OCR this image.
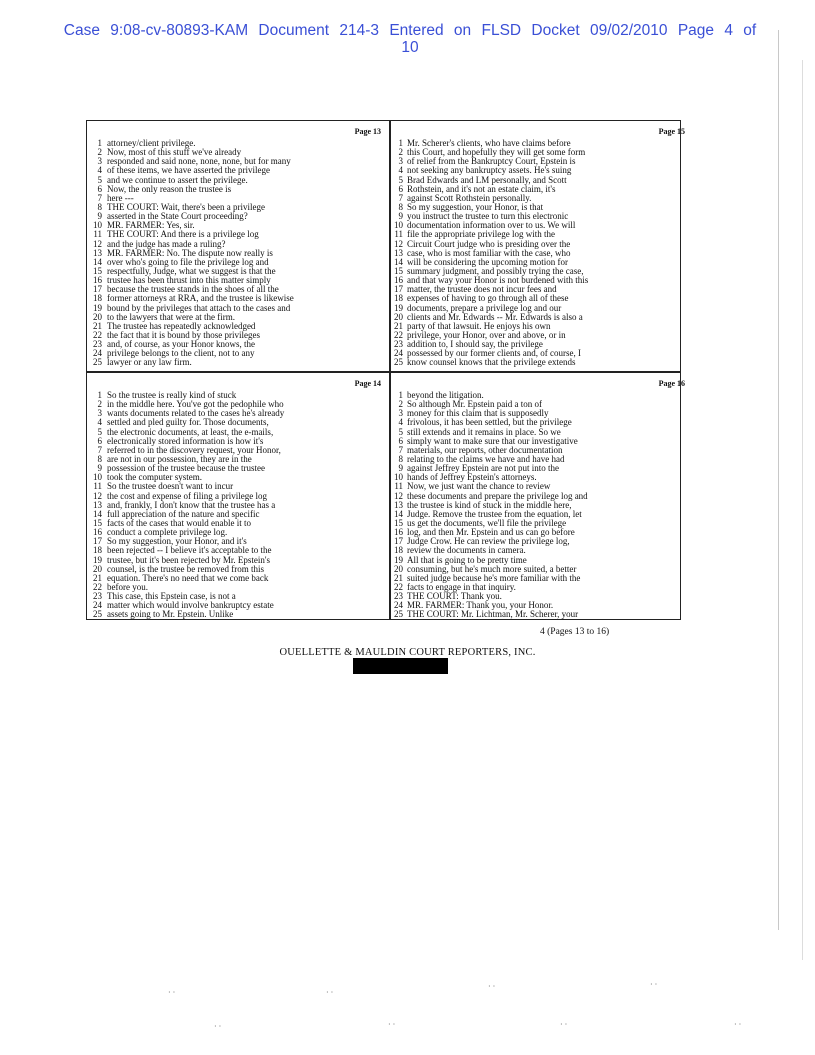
Case 9:08-cv-80893-KAM Document 214-3 Entered on FLSD Docket 09/02/2010 Page 4 of
10
Page 13
1 attorney/client privilege.
2 Now, most of this stuff we've already
3 responded and said none, none, none, but for many
4 of these items, we have asserted the privilege
5 and we continue to assert the privilege.
6 Now, the only reason the trustee is
7 here ---
8 THE COURT: Wait, there's been a privilege
9 asserted in the State Court proceeding?
10 MR. FARMER: Yes, sir.
11 THE COURT: And there is a privilege log
12 and the judge has made a ruling?
13 MR. FARMER: No. The dispute now really is
14 over who's going to file the privilege log and
15 respectfully, Judge, what we suggest is that the
16 trustee has been thrust into this matter simply
17 because the trustee stands in the shoes of all the
18 former attorneys at RRA, and the trustee is likewise
19 bound by the privileges that attach to the cases and
20 to the lawyers that were at the firm.
21 The trustee has repeatedly acknowledged
22 the fact that it is bound by those privileges
23 and, of course, as your Honor knows, the
24 privilege belongs to the client, not to any
25 lawyer or any law firm.
Page 15
1 Mr. Scherer's clients, who have claims before
2 this Court, and hopefully they will get some form
3 of relief from the Bankruptcy Court, Epstein is
4 not seeking any bankruptcy assets. He's suing
5 Brad Edwards and LM personally, and Scott
6 Rothstein, and it's not an estate claim, it's
7 against Scott Rothstein personally.
8 So my suggestion, your Honor, is that
9 you instruct the trustee to turn this electronic
10 documentation information over to us. We will
11 file the appropriate privilege log with the
12 Circuit Court judge who is presiding over the
13 case, who is most familiar with the case, who
14 will be considering the upcoming motion for
15 summary judgment, and possibly trying the case,
16 and that way your Honor is not burdened with this
17 matter, the trustee does not incur fees and
18 expenses of having to go through all of these
19 documents, prepare a privilege log and our
20 clients and Mr. Edwards -- Mr. Edwards is also a
21 party of that lawsuit. He enjoys his own
22 privilege, your Honor, over and above, or in
23 addition to, I should say, the privilege
24 possessed by our former clients and, of course, I
25 know counsel knows that the privilege extends
Page 14
1 So the trustee is really kind of stuck
2 in the middle here. You've got the pedophile who
3 wants documents related to the cases he's already
4 settled and pled guilty for. Those documents,
5 the electronic documents, at least, the e-mails,
6 electronically stored information is how it's
7 referred to in the discovery request, your Honor,
8 are not in our possession, they are in the
9 possession of the trustee because the trustee
10 took the computer system.
11 So the trustee doesn't want to incur
12 the cost and expense of filing a privilege log
13 and, frankly, I don't know that the trustee has a
14 full appreciation of the nature and specific
15 facts of the cases that would enable it to
16 conduct a complete privilege log.
17 So my suggestion, your Honor, and it's
18 been rejected -- I believe it's acceptable to the
19 trustee, but it's been rejected by Mr. Epstein's
20 counsel, is the trustee be removed from this
21 equation. There's no need that we come back
22 before you.
23 This case, this Epstein case, is not a
24 matter which would involve bankruptcy estate
25 assets going to Mr. Epstein. Unlike
Page 16
1 beyond the litigation.
2 So although Mr. Epstein paid a ton of
3 money for this claim that is supposedly
4 frivolous, it has been settled, but the privilege
5 still extends and it remains in place. So we
6 simply want to make sure that our investigative
7 materials, our reports, other documentation
8 relating to the claims we have and have had
9 against Jeffrey Epstein are not put into the
10 hands of Jeffrey Epstein's attorneys.
11 Now, we just want the chance to review
12 these documents and prepare the privilege log and
13 the trustee is kind of stuck in the middle here,
14 Judge. Remove the trustee from the equation, let
15 us get the documents, we'll file the privilege
16 log, and then Mr. Epstein and us can go before
17 Judge Crow. He can review the privilege log,
18 review the documents in camera.
19 All that is going to be pretty time
20 consuming, but he's much more suited, a better
21 suited judge because he's more familiar with the
22 facts to engage in that inquiry.
23 THE COURT: Thank you.
24 MR. FARMER: Thank you, your Honor.
25 THE COURT: Mr. Lichtman, Mr. Scherer, your
4 (Pages 13 to 16)
OUELLETTE & MAULDIN COURT REPORTERS, INC.
· ·	· ·
· ·	· ·
· ·	· ·	· ·	· ·
